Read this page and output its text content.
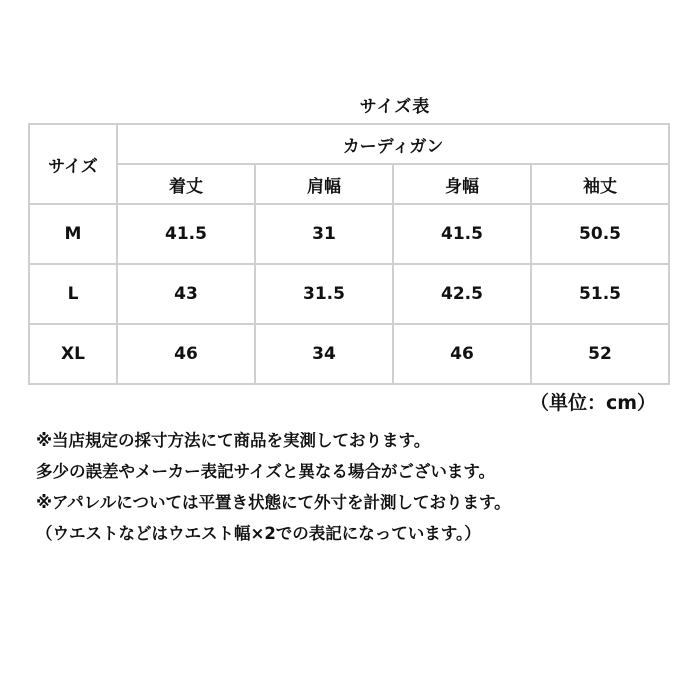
サイズ表
サイズ	カーディガン			
	着丈	肩幅	身幅	袖丈
M	41.5	31	41.5	50.5
L	43	31.5	42.5	51.5
XL	46	34	46	52
（単位：cm）

※当店規定の採寸方法にて商品を実測しております。

多少の誤差やメーカー表記サイズと異なる場合がございます。

※アパレルについては平置き状態にて外寸を計測しております。

（ウエストなどはウエスト幅×2での表記になっています。）
